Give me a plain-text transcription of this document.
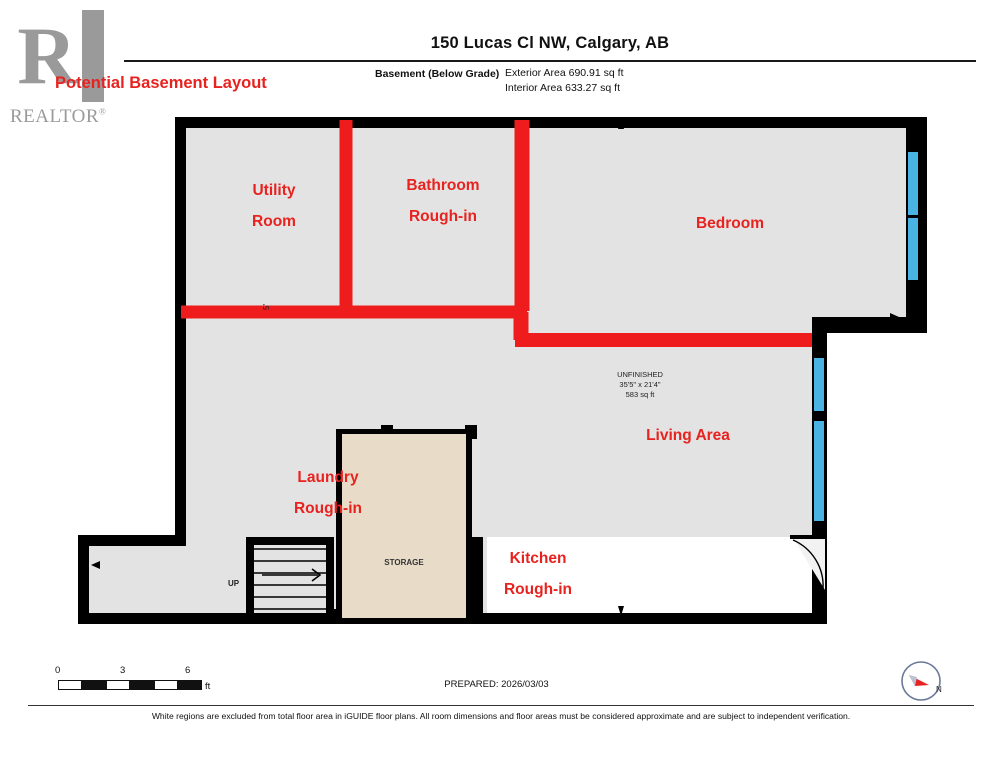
R
REALTOR®
150 Lucas Cl NW, Calgary, AB
Potential Basement Layout	Basement (Below Grade) Exterior Area 690.91 sq ft
Interior Area 633.27 sq ft
Utility
Room
Bathroom
Rough-in	Bedroom
Living Area
Laundry
Rough-in
Kitchen
Rough-in
STORAGE
UNFINISHED
35'5" x 21'4"
583 sq ft
UP
5'
0	3	6
ft	PREPARED: 2026/03/03	N
White regions are excluded from total floor area in iGUIDE floor plans. All room dimensions and floor areas must be considered approximate and are subject to independent verification.
